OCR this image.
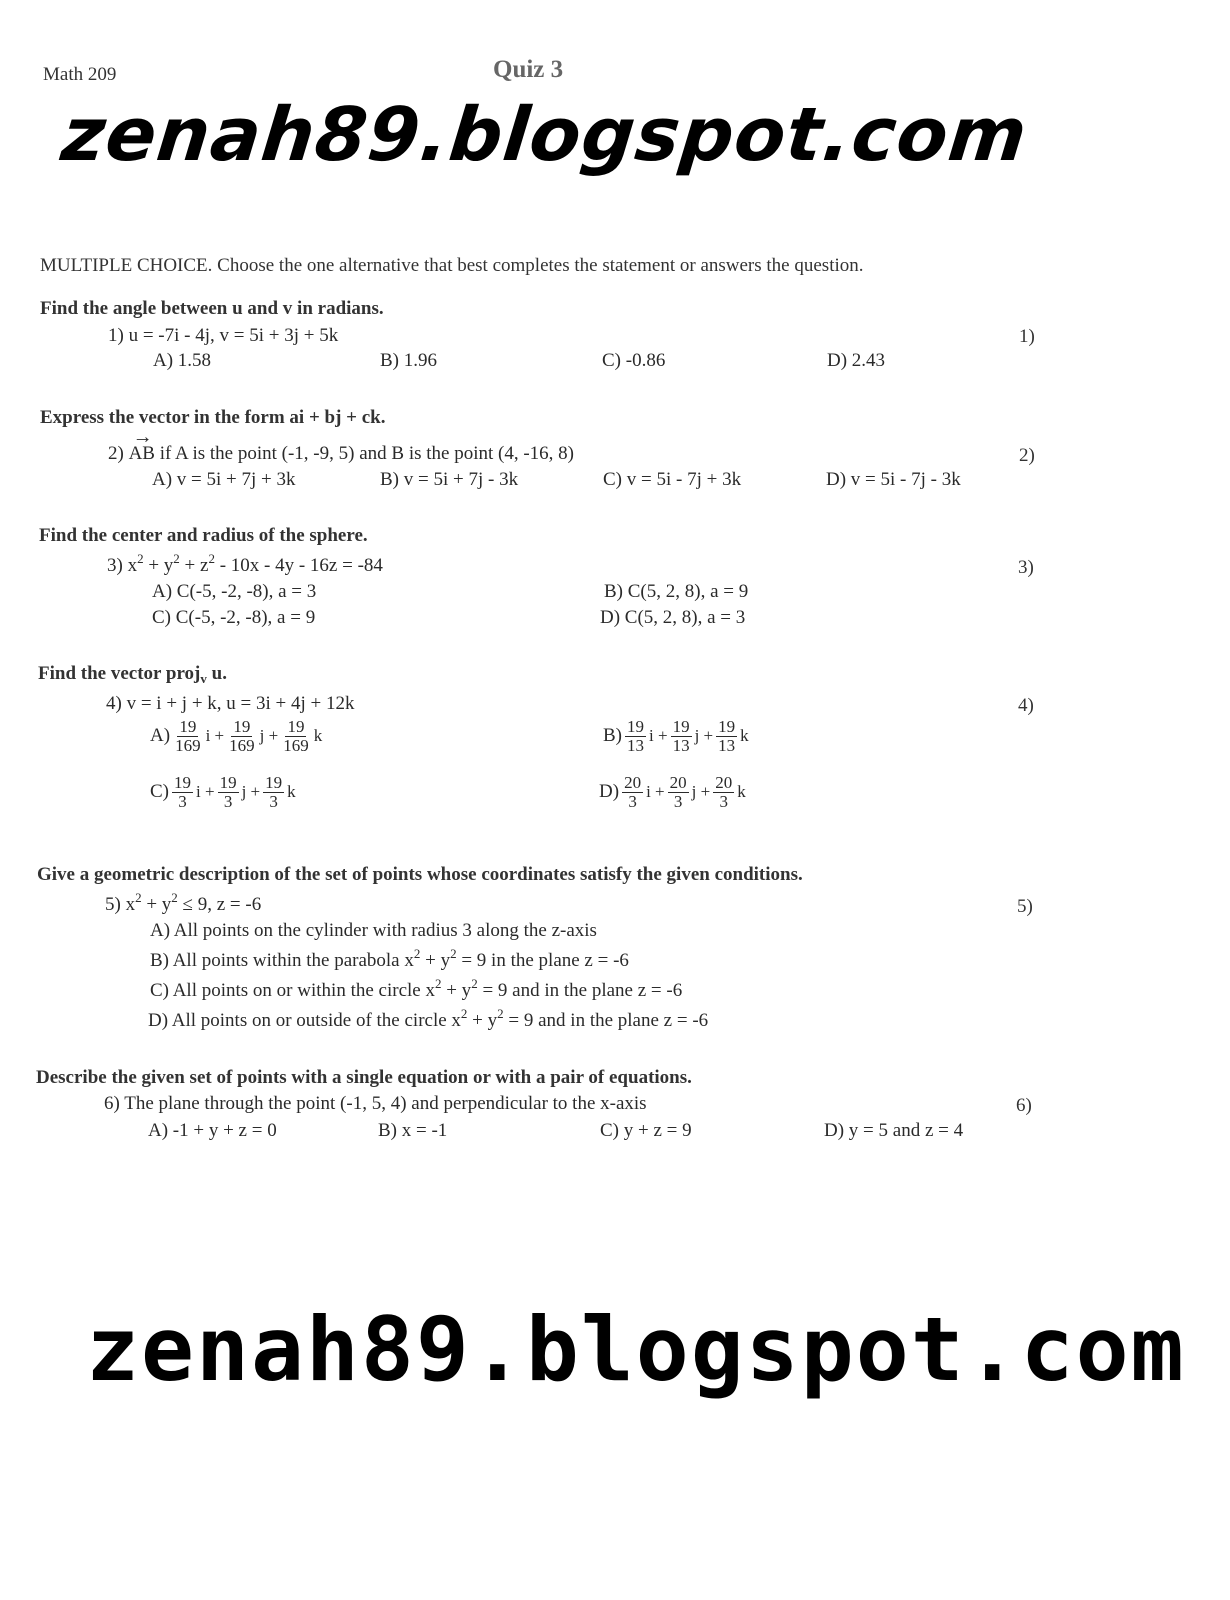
Math 209	Quiz 3
zenah89.blogspot.com
MULTIPLE CHOICE. Choose the one alternative that best completes the statement or answers the question.
Find the angle between u and v in radians.
1) u = -7i - 4j, v = 5i + 3j + 5k	1)
A) 1.58	B) 1.96	C) -0.86	D) 2.43
Express the vector in the form ai + bj + ck.
2) → AB if A is the point (-1, -9, 5) and B is the point (4, -16, 8)	2)
A) v = 5i + 7j + 3k	B) v = 5i + 7j - 3k	C) v = 5i - 7j + 3k	D) v = 5i - 7j - 3k
Find the center and radius of the sphere.
3) $x^2 + y^2 + z^2 - 10x - 4y - 16z = -84$	3)
A) C(-5, -2, -8), a = 3	B) C(5, 2, 8), a = 9
C) C(-5, -2, -8), a = 9	D) C(5, 2, 8), a = 3
Find the vector proj$_v$ u.
4) v = i + j + k, u = 3i + 4j + 12k	4)
$A) \frac{19}{169}$ $i + \frac{19}{169}$ $j + \frac{19}{169}$ k	$B) \frac{19}{13}$ $i + \frac{19}{13}$ $j + \frac{19}{13}$ k
$C) \frac{19}{3}$ $i + \frac{19}{3}$ $j + \frac{19}{3}$ k	$D) \frac{20}{3}$ $i + \frac{20}{3}$ $j + \frac{20}{3}$ k
Give a geometric description of the set of points whose coordinates satisfy the given conditions.
5) $x^2 + y^2 \le 9$, z = -6	5)
A) All points on the cylinder with radius 3 along the z-axis
B) All points within the parabola $x^2 + y^2 = 9$ in the plane z = -6
C) All points on or within the circle $x^2 + y^2 = 9$ and in the plane z = -6
D) All points on or outside of the circle $x^2 + y^2 = 9$ and in the plane z = -6
Describe the given set of points with a single equation or with a pair of equations.
6) The plane through the point (-1, 5, 4) and perpendicular to the x-axis	6)
A) -1 + y + z = 0	B) x = -1	C) y + z = 9	D) y = 5 and z = 4
zenah89.blogspot.com
